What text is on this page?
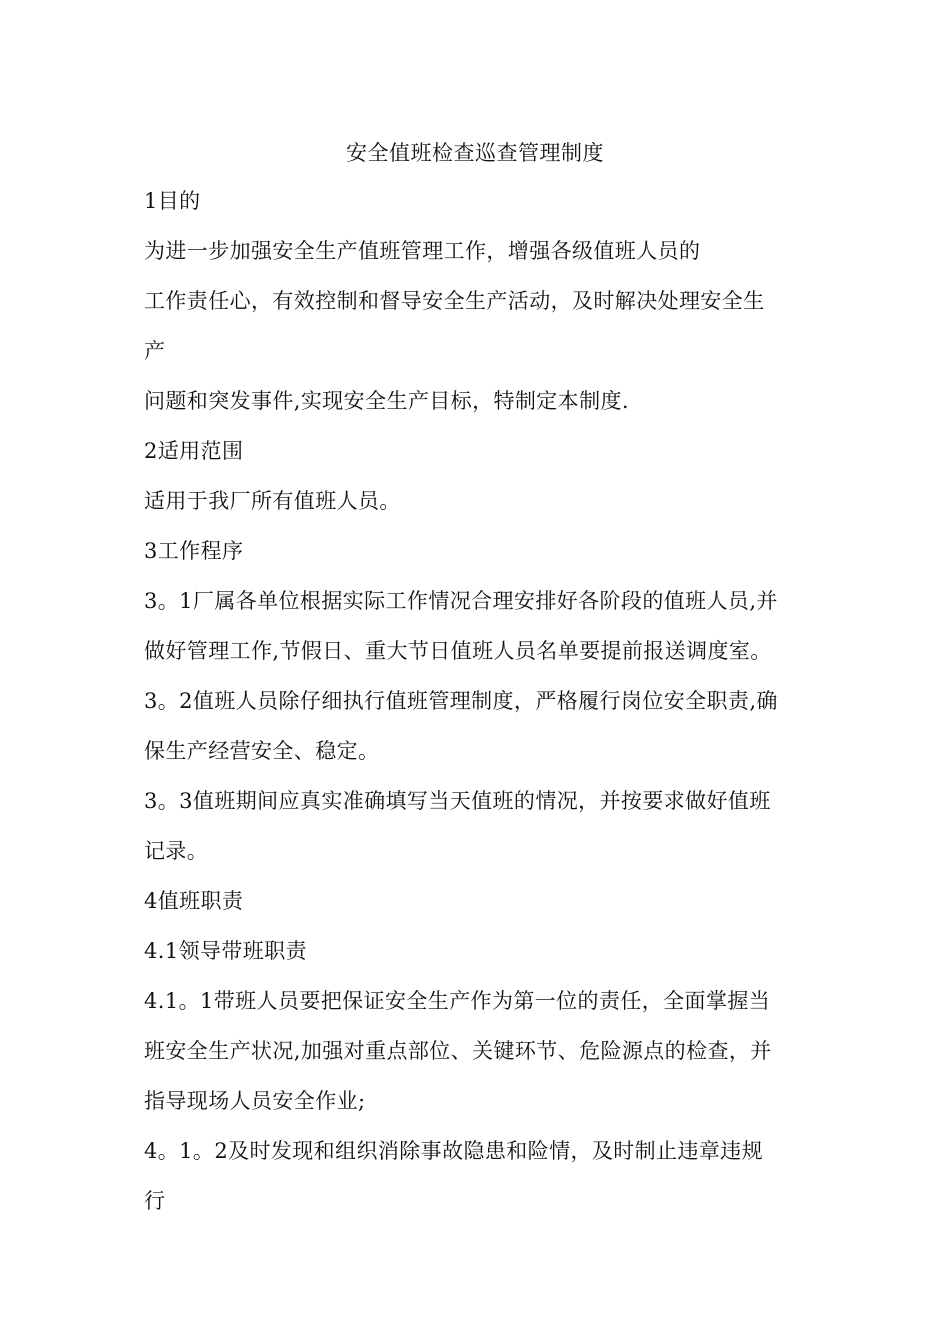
安全值班检查巡查管理制度
1目的
为进一步加强安全生产值班管理工作，增强各级值班人员的
工作责任心，有效控制和督导安全生产活动，及时解决处理安全生
产
问题和突发事件,实现安全生产目标，特制定本制度.
2适用范围
适用于我厂所有值班人员。
3工作程序
3。1厂属各单位根据实际工作情况合理安排好各阶段的值班人员,并
做好管理工作,节假日、重大节日值班人员名单要提前报送调度室。
3。2值班人员除仔细执行值班管理制度，严格履行岗位安全职责,确
保生产经营安全、稳定。
3。3值班期间应真实准确填写当天值班的情况，并按要求做好值班
记录。
4值班职责
4.1领导带班职责
4.1。1带班人员要把保证安全生产作为第一位的责任，全面掌握当
班安全生产状况,加强对重点部位、关键环节、危险源点的检查，并
指导现场人员安全作业;
4。1。2及时发现和组织消除事故隐患和险情，及时制止违章违规
行
